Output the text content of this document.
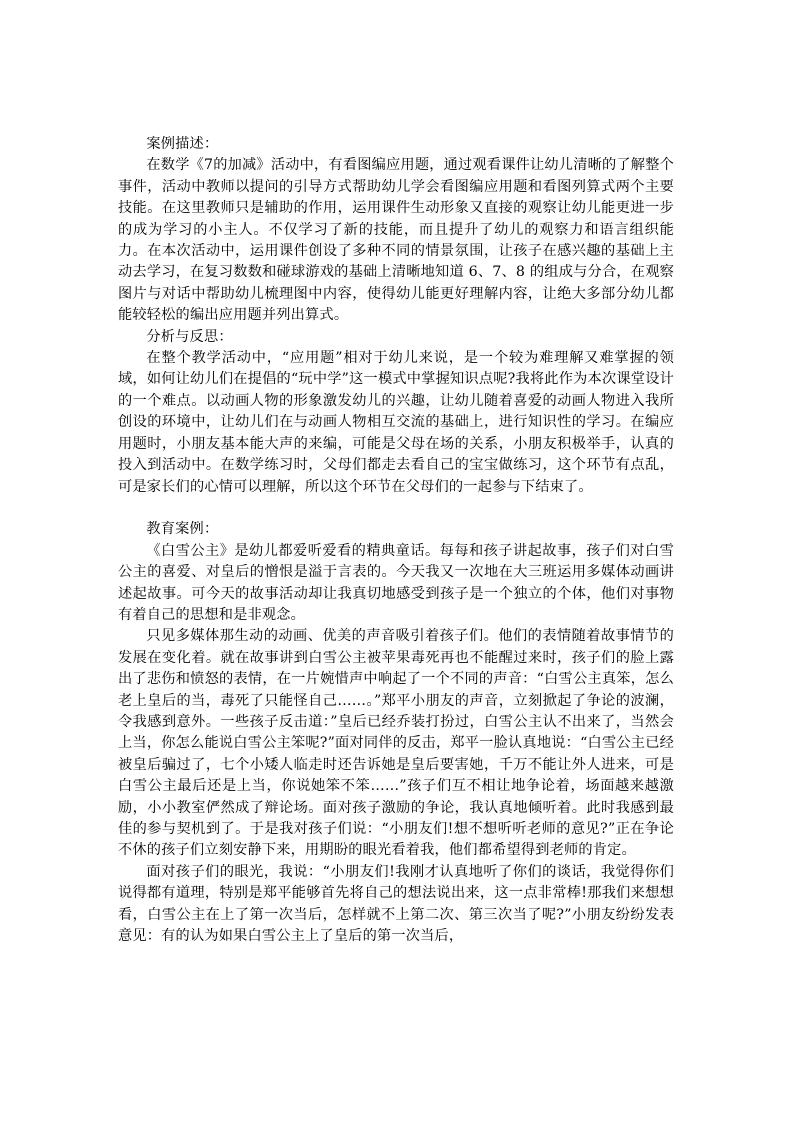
案例描述：

在数学《7的加减》活动中，有看图编应用题，通过观看课件让幼儿清晰的了解整个事件，活动中教师以提问的引导方式帮助幼儿学会看图编应用题和看图列算式两个主要技能。在这里教师只是辅助的作用，运用课件生动形象又直接的观察让幼儿能更进一步的成为学习的小主人。不仅学习了新的技能，而且提升了幼儿的观察力和语言组织能力。在本次活动中，运用课件创设了多种不同的情景氛围，让孩子在感兴趣的基础上主动去学习，在复习数数和碰球游戏的基础上清晰地知道 6、7、8 的组成与分合，在观察图片与对话中帮助幼儿梳理图中内容，使得幼儿能更好理解内容，让绝大多部分幼儿都能较轻松的编出应用题并列出算式。

分析与反思：

在整个教学活动中，“应用题”相对于幼儿来说，是一个较为难理解又难掌握的领域，如何让幼儿们在提倡的“玩中学”这一模式中掌握知识点呢?我将此作为本次课堂设计的一个难点。以动画人物的形象激发幼儿的兴趣，让幼儿随着喜爱的动画人物进入我所创设的环境中，让幼儿们在与动画人物相互交流的基础上，进行知识性的学习。在编应用题时，小朋友基本能大声的来编，可能是父母在场的关系，小朋友积极举手，认真的投入到活动中。在数学练习时，父母们都走去看自己的宝宝做练习，这个环节有点乱，可是家长们的心情可以理解，所以这个环节在父母们的一起参与下结束了。

教育案例：

《白雪公主》是幼儿都爱听爱看的精典童话。每每和孩子讲起故事，孩子们对白雪公主的喜爱、对皇后的憎恨是溢于言表的。今天我又一次地在大三班运用多媒体动画讲述起故事。可今天的故事活动却让我真切地感受到孩子是一个独立的个体，他们对事物有着自己的思想和是非观念。

只见多媒体那生动的动画、优美的声音吸引着孩子们。他们的表情随着故事情节的发展在变化着。就在故事讲到白雪公主被苹果毒死再也不能醒过来时，孩子们的脸上露出了悲伤和愤怒的表情，在一片婉惜声中响起了一个不同的声音：“白雪公主真笨，怎么老上皇后的当，毒死了只能怪自己……。”郑平小朋友的声音，立刻掀起了争论的波澜，令我感到意外。一些孩子反击道：”皇后已经乔装打扮过，白雪公主认不出来了，当然会上当，你怎么能说白雪公主笨呢?”面对同伴的反击，郑平一脸认真地说：“白雪公主已经被皇后骗过了，七个小矮人临走时还告诉她是皇后要害她，千万不能让外人进来，可是白雪公主最后还是上当，你说她笨不笨……”孩子们互不相让地争论着，场面越来越激励，小小教室俨然成了辩论场。面对孩子激励的争论，我认真地倾听着。此时我感到最佳的参与契机到了。于是我对孩子们说：“小朋友们!想不想听听老师的意见?”正在争论不休的孩子们立刻安静下来，用期盼的眼光看着我，他们都希望得到老师的肯定。

面对孩子们的眼光，我说：“小朋友们!我刚才认真地听了你们的谈话，我觉得你们说得都有道理，特别是郑平能够首先将自己的想法说出来，这一点非常棒!那我们来想想看，白雪公主在上了第一次当后，怎样就不上第二次、第三次当了呢?”小朋友纷纷发表意见：有的认为如果白雪公主上了皇后的第一次当后，
